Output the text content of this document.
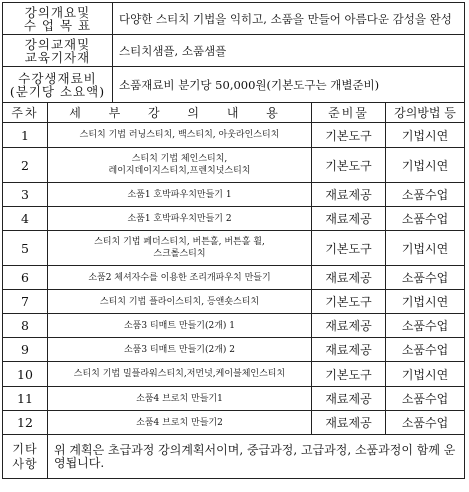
강의개요및
수 업 목 표	다양한 스티치 기법을 익히고, 소품을 만들어 아름다운 감성을 완성

강의교재및
교육기자재	스티치샘플, 소품샘플

수강생재료비
(분기당 소요액)	소품재료비 분기당 50,000원(기본도구는 개별준비)
주차	세 부 강 의 내 용	준비물	강의방법 등
1	스티치 기법 러닝스티치, 백스티치, 아웃라인스티치	기본도구	기법시연
2	스티치 기법 체인스티치,
레이지데이지스티치,프렌치넛스티치	기본도구	기법시연
3	소품1 호박파우치만들기 1	재료제공	소품수업
4	소품1 호박파우치만들기 2	재료제공	소품수업
5	스티치 기법 페더스티치, 버튼홀, 버튼홀 휠,
스크롤스티치	기본도구	기법시연
6	소품2 체셔자수를 이용한 조리개파우치 만들기	재료제공	소품수업
7	스티치 기법 플라이스티치, 등앤숏스티치	기본도구	기법시연
8	소품3 티매트 만들기(2개) 1	재료제공	소품수업
9	소품3 티매트 만들기(2개) 2	재료제공	소품수업
10	스티치 기법 밀플라워스티치,저먼넛,케이블체인스티치	기본도구	기법시연
11	소품4 브로치 만들기1	재료제공	소품수업
12	소품4 브로치 만들기2	재료제공	소품수업
기타
사항
	위 계획은 초급과정 강의계획서이며, 중급과정, 고급과정, 소품과정이 함께 운영됩니다.
